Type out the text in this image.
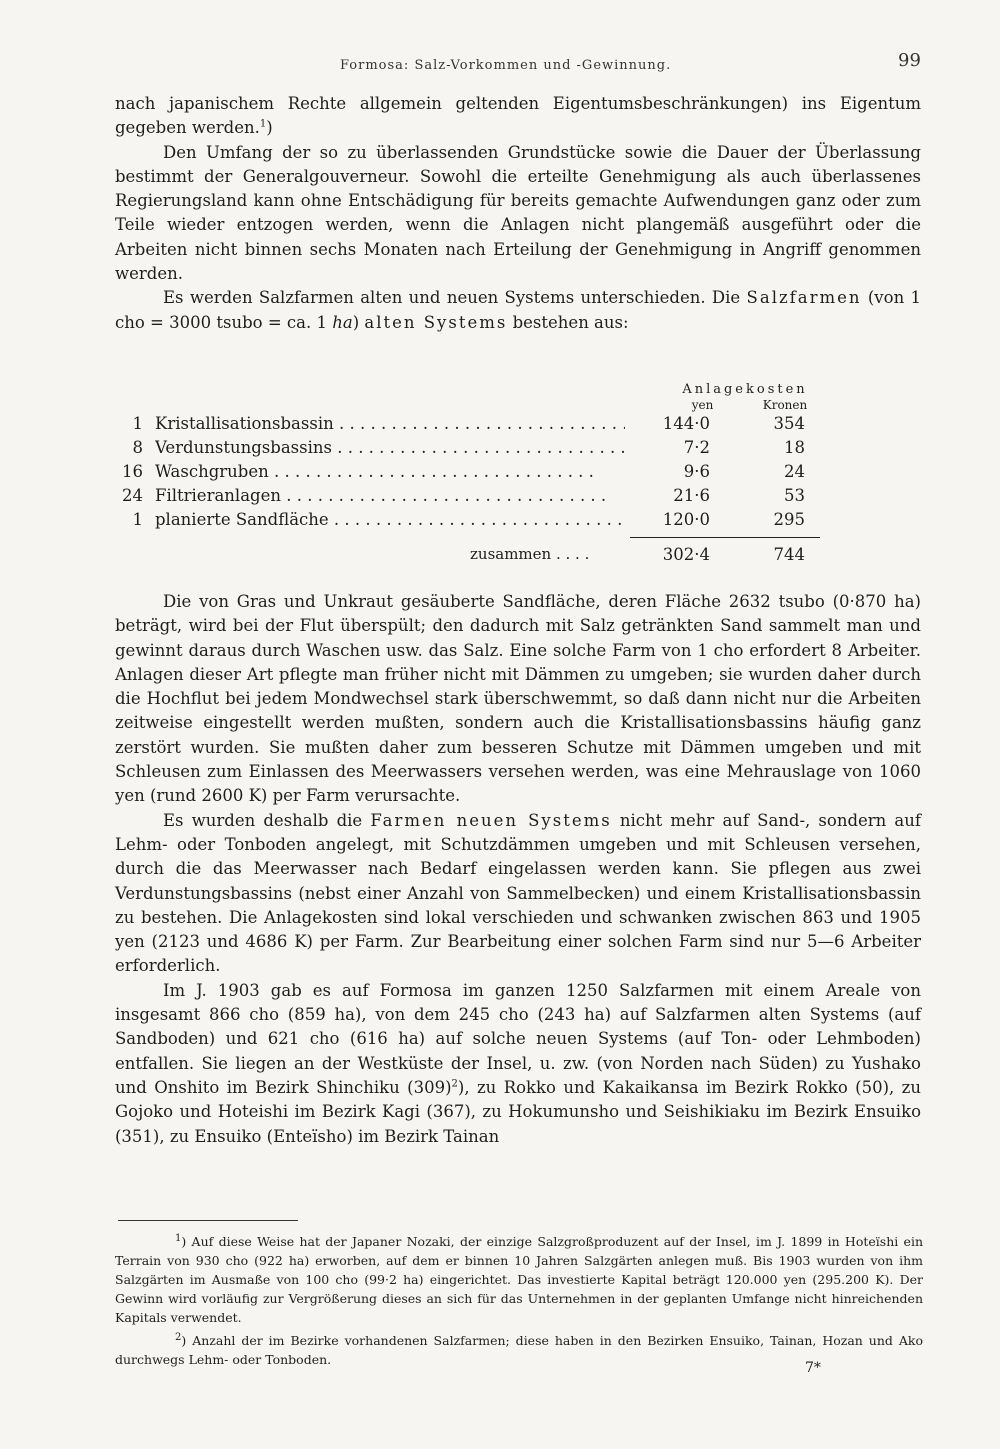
Formosa: Salz-Vorkommen und -Gewinnung.	99

nach japanischem Rechte allgemein geltenden Eigentumsbeschränkungen) ins Eigentum gegeben werden.$^1$)

Den Umfang der so zu überlassenden Grundstücke sowie die Dauer der Überlassung bestimmt der Generalgouverneur. Sowohl die erteilte Genehmigung als auch überlassenes Regierungsland kann ohne Entschädigung für bereits gemachte Aufwendungen ganz oder zum Teile wieder entzogen werden, wenn die Anlagen nicht plangemäß ausgeführt oder die Arbeiten nicht binnen sechs Monaten nach Erteilung der Genehmigung in Angriff genommen werden.

Es werden Salzfarmen alten und neuen Systems unterschieden. Die Salzfarmen (von 1 cho = 3000 tsubo = ca. 1 ha) alten Systems bestehen aus:

Anlagekosten
yen	Kronen
1 Kristallisationsbassin . . .	144·0	354
8 Verdunstungsbassins . . .	7·2	18
16 Waschgruben . . .	9·6	24
24 Filtrieranlagen . . .	21·6	53
1 planierte Sandfläche . . .	120·0	295
zusammen . . . .	302·4	744

Die von Gras und Unkraut gesäuberte Sandfläche, deren Fläche 2632 tsubo (0·870 ha) beträgt, wird bei der Flut überspült; den dadurch mit Salz getränkten Sand sammelt man und gewinnt daraus durch Waschen usw. das Salz. Eine solche Farm von 1 cho erfordert 8 Arbeiter. Anlagen dieser Art pflegte man früher nicht mit Dämmen zu umgeben; sie wurden daher durch die Hochflut bei jedem Mondwechsel stark überschwemmt, so daß dann nicht nur die Arbeiten zeitweise eingestellt werden mußten, sondern auch die Kristallisationsbassins häufig ganz zerstört wurden. Sie mußten daher zum besseren Schutze mit Dämmen umgeben und mit Schleusen zum Einlassen des Meerwassers versehen werden, was eine Mehrauslage von 1060 yen (rund 2600 K) per Farm verursachte.

Es wurden deshalb die Farmen neuen Systems nicht mehr auf Sand-, sondern auf Lehm- oder Tonboden angelegt, mit Schutzdämmen umgeben und mit Schleusen versehen, durch die das Meerwasser nach Bedarf eingelassen werden kann. Sie pflegen aus zwei Verdunstungsbassins (nebst einer Anzahl von Sammelbecken) und einem Kristallisationsbassin zu bestehen. Die Anlagekosten sind lokal verschieden und schwanken zwischen 863 und 1905 yen (2123 und 4686 K) per Farm. Zur Bearbeitung einer solchen Farm sind nur 5—6 Arbeiter erforderlich.

Im J. 1903 gab es auf Formosa im ganzen 1250 Salzfarmen mit einem Areale von insgesamt 866 cho (859 ha), von dem 245 cho (243 ha) auf Salzfarmen alten Systems (auf Sandboden) und 621 cho (616 ha) auf solche neuen Systems (auf Ton- oder Lehmboden) entfallen. Sie liegen an der Westküste der Insel, u. zw. (von Norden nach Süden) zu Yushako und Onshito im Bezirk Shinchiku $(309)^2$), zu Rokko und Kakaikansa im Bezirk Rokko (50), zu Gojoko und Hoteishi im Bezirk Kagi (367), zu Hokumunsho und Seishikiaku im Bezirk Ensuiko (351), zu Ensuiko (Enteïsho) im Bezirk Tainan

$^1$) Auf diese Weise hat der Japaner Nozaki, der einzige Salzgroßproduzent auf der Insel, im J. 1899 in Hoteïshi ein Terrain von 930 cho (922 ha) erworben, auf dem er binnen 10 Jahren Salzgärten anlegen muß. Bis 1903 wurden von ihm Salzgärten im Ausmaße von 100 cho (99·2 ha) eingerichtet. Das investierte Kapital beträgt 120.000 yen (295.200 K). Der Gewinn wird vorläufig zur Vergrößerung dieses an sich für das Unternehmen in der geplanten Umfange nicht hinreichenden Kapitals verwendet.

$^2$) Anzahl der im Bezirke vorhandenen Salzfarmen; diese haben in den Bezirken Ensuiko, Tainan, Hozan und Ako durchwegs Lehm- oder Tonboden.

7*
